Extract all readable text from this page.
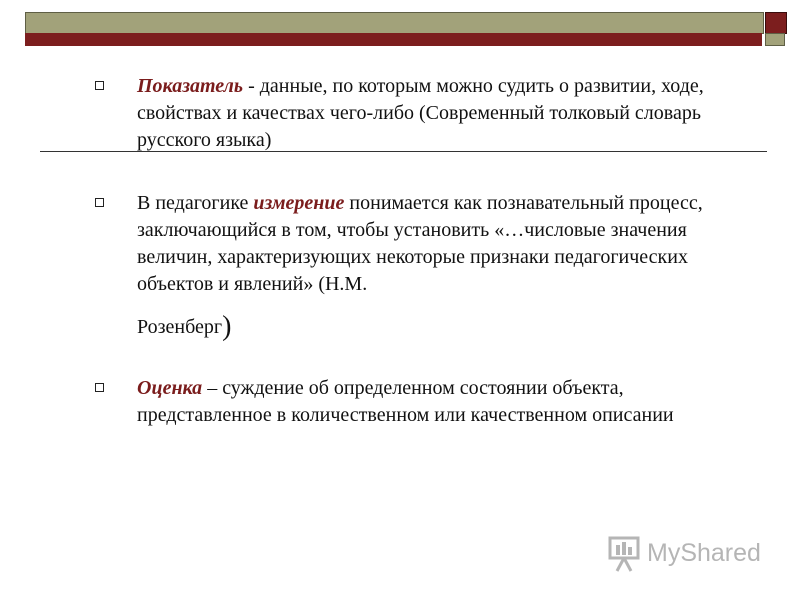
Показатель - данные, по которым можно судить о развитии, ходе, свойствах и качествах чего-либо (Современный толковый словарь русского языка)
В педагогике измерение понимается как познавательный процесс, заключающийся в том, чтобы установить «…числовые значения величин, характеризующих некоторые признаки педагогических объектов и явлений» (Н.М.
Розенберг)
Оценка – суждение об определенном состоянии объекта, представленное в количественном или качественном описании
MyShared
